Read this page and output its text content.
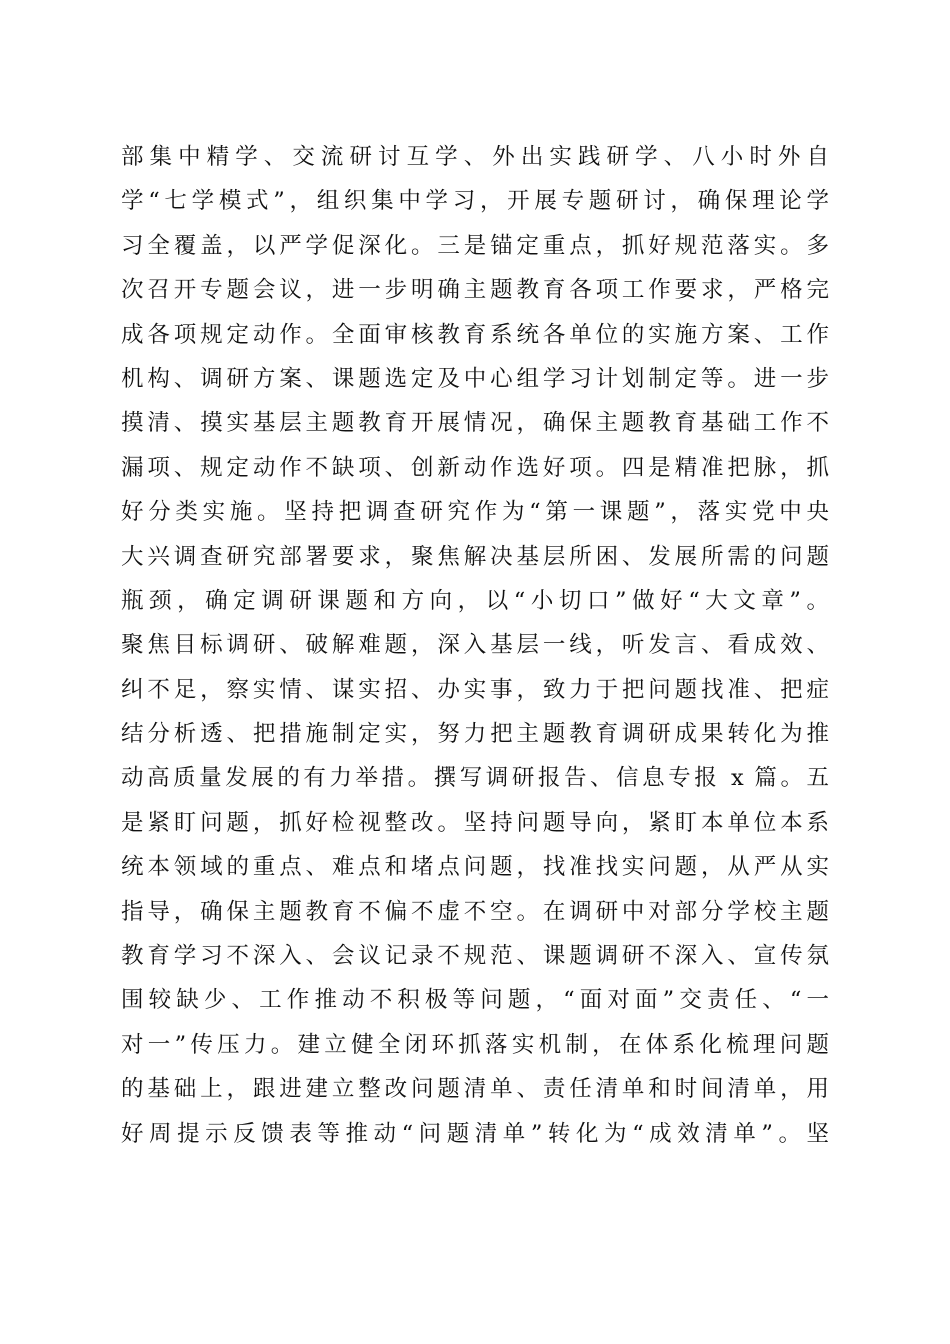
部集中精学、交流研讨互学、外出实践研学、八小时外自
学“七学模式”，组织集中学习，开展专题研讨，确保理论学
习全覆盖，以严学促深化。三是锚定重点，抓好规范落实。多
次召开专题会议，进一步明确主题教育各项工作要求，严格完
成各项规定动作。全面审核教育系统各单位的实施方案、工作
机构、调研方案、课题选定及中心组学习计划制定等。进一步
摸清、摸实基层主题教育开展情况，确保主题教育基础工作不
漏项、规定动作不缺项、创新动作选好项。四是精准把脉，抓
好分类实施。坚持把调查研究作为“第一课题”，落实党中央
大兴调查研究部署要求，聚焦解决基层所困、发展所需的问题
瓶颈，确定调研课题和方向，以“小切口”做好“大文章”。
聚焦目标调研、破解难题，深入基层一线，听发言、看成效、
纠不足，察实情、谋实招、办实事，致力于把问题找准、把症
结分析透、把措施制定实，努力把主题教育调研成果转化为推
动高质量发展的有力举措。撰写调研报告、信息专报 x 篇。五
是紧盯问题，抓好检视整改。坚持问题导向，紧盯本单位本系
统本领域的重点、难点和堵点问题，找准找实问题，从严从实
指导，确保主题教育不偏不虚不空。在调研中对部分学校主题
教育学习不深入、会议记录不规范、课题调研不深入、宣传氛
围较缺少、工作推动不积极等问题，“面对面”交责任、“一
对一”传压力。建立健全闭环抓落实机制，在体系化梳理问题
的基础上，跟进建立整改问题清单、责任清单和时间清单，用
好周提示反馈表等推动“问题清单”转化为“成效清单”。坚
